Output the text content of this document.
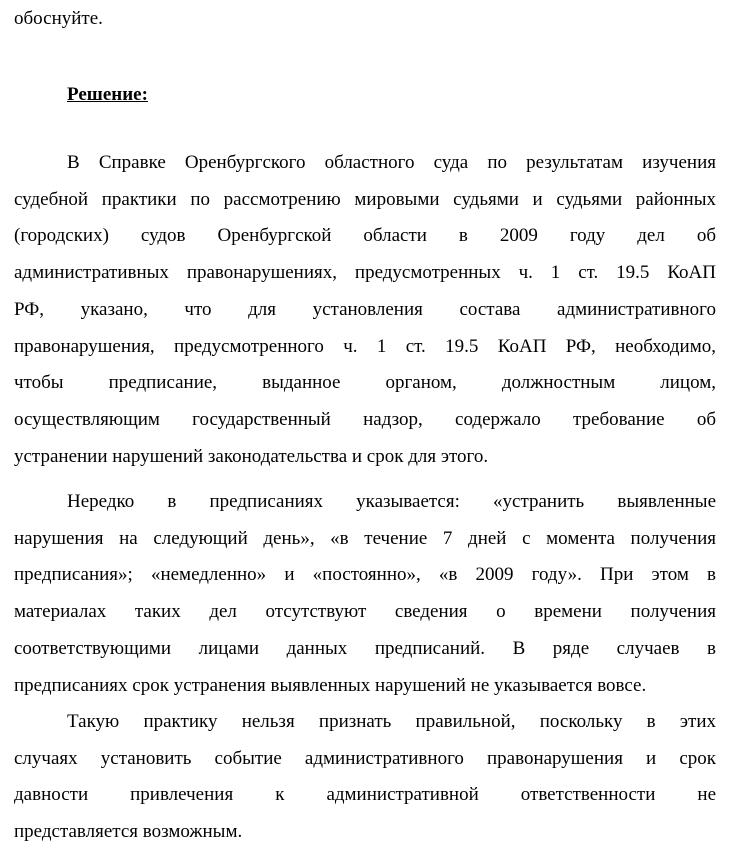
обоснуйте.
Решение:
В Справке Оренбургского областного суда по результатам изучения
судебной практики по рассмотрению мировыми судьями и судьями районных
(городских) судов Оренбургской области в 2009 году дел об
административных правонарушениях, предусмотренных ч. 1 ст. 19.5 КоАП
РФ, указано, что для установления состава административного
правонарушения, предусмотренного ч. 1 ст. 19.5 КоАП РФ, необходимо,
чтобы предписание, выданное органом, должностным лицом,
осуществляющим государственный надзор, содержало требование об
устранении нарушений законодательства и срок для этого.
Нередко в предписаниях указывается: «устранить выявленные
нарушения на следующий день», «в течение 7 дней с момента получения
предписания»; «немедленно» и «постоянно», «в 2009 году». При этом в
материалах таких дел отсутствуют сведения о времени получения
соответствующими лицами данных предписаний. В ряде случаев в
предписаниях срок устранения выявленных нарушений не указывается вовсе.
Такую практику нельзя признать правильной, поскольку в этих
случаях установить событие административного правонарушения и срок
давности привлечения к административной ответственности не
представляется возможным.
